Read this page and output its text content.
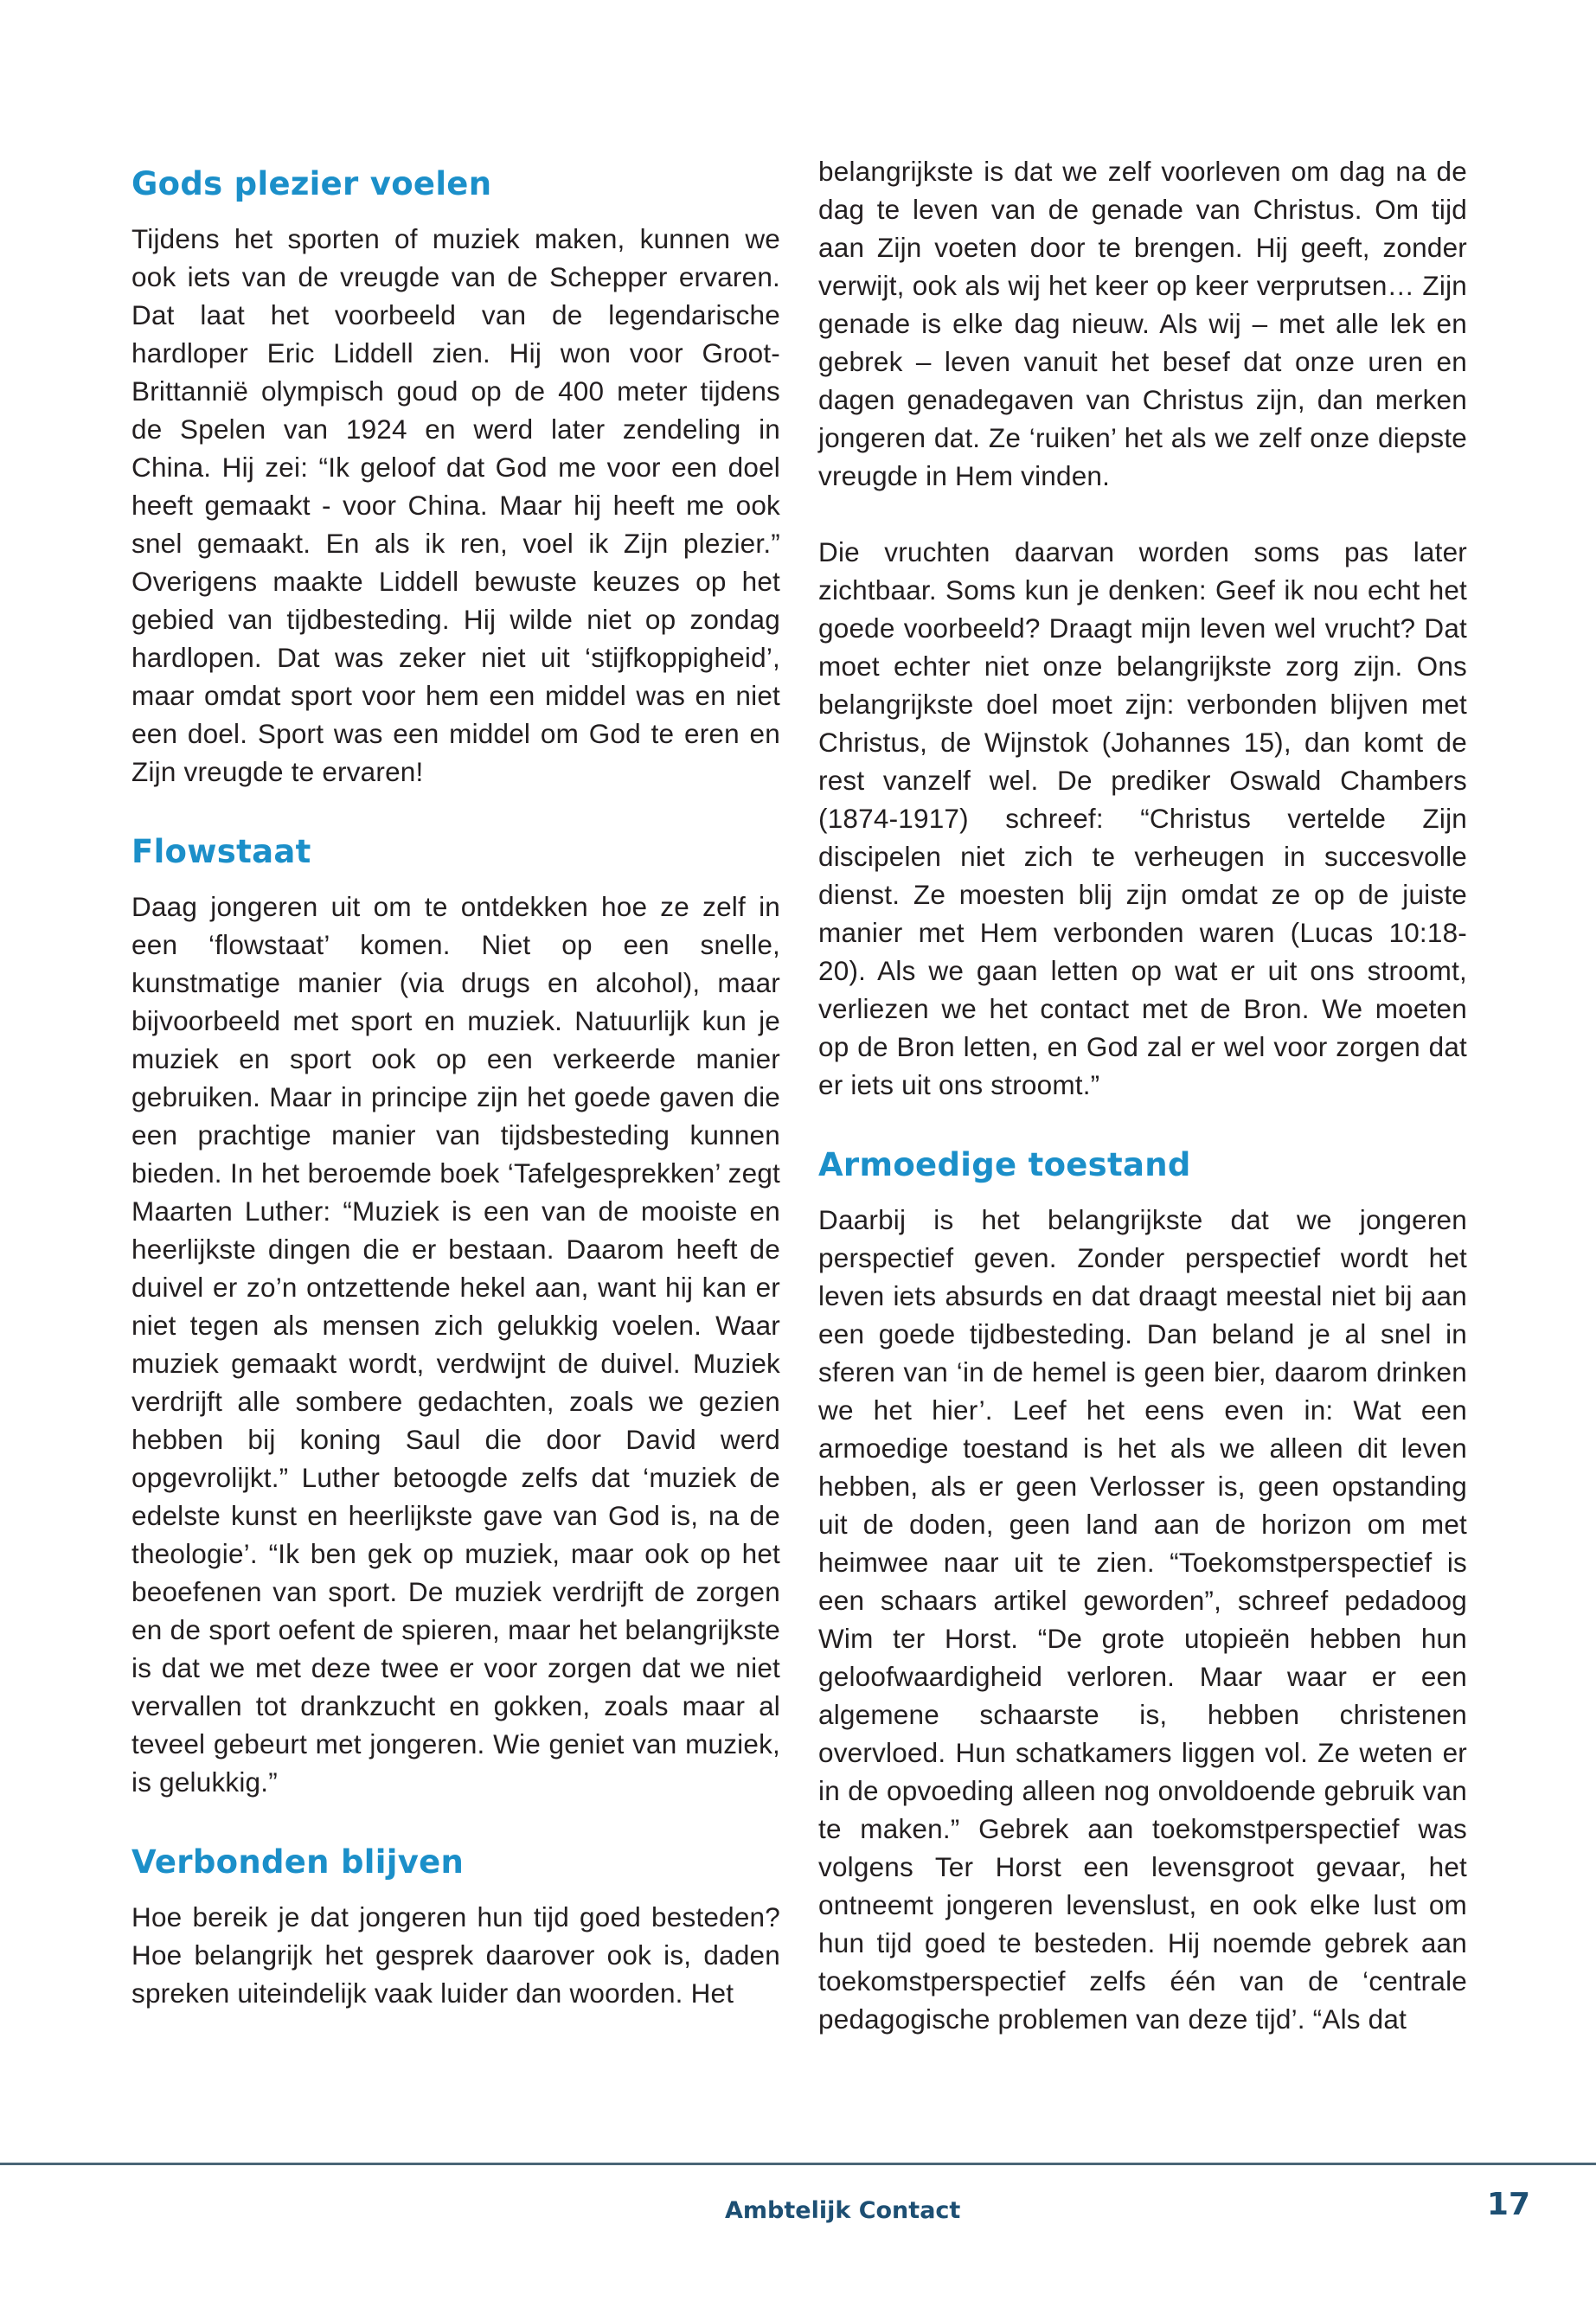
Gods plezier voelen

Tijdens het sporten of muziek maken, kunnen we ook iets van de vreugde van de Schepper ervaren. Dat laat het voorbeeld van de legendarische hardloper Eric Liddell zien. Hij won voor Groot-Brittannië olympisch goud op de 400 meter tijdens de Spelen van 1924 en werd later zendeling in China. Hij zei: “Ik geloof dat God me voor een doel heeft gemaakt - voor China. Maar hij heeft me ook snel gemaakt. En als ik ren, voel ik Zijn plezier.” Overigens maakte Liddell bewuste keuzes op het gebied van tijdbesteding. Hij wilde niet op zondag hardlopen. Dat was zeker niet uit ‘stijfkoppigheid’, maar omdat sport voor hem een middel was en niet een doel. Sport was een middel om God te eren en Zijn vreugde te ervaren!

Flowstaat

Daag jongeren uit om te ontdekken hoe ze zelf in een ‘flowstaat’ komen. Niet op een snelle, kunstmatige manier (via drugs en alcohol), maar bijvoorbeeld met sport en muziek. Natuurlijk kun je muziek en sport ook op een verkeerde manier gebruiken. Maar in principe zijn het goede gaven die een prachtige manier van tijdsbesteding kunnen bieden. In het beroemde boek ‘Tafelgesprekken’ zegt Maarten Luther: “Muziek is een van de mooiste en heerlijkste dingen die er bestaan. Daarom heeft de duivel er zo’n ontzettende hekel aan, want hij kan er niet tegen als mensen zich gelukkig voelen. Waar muziek gemaakt wordt, verdwijnt de duivel. Muziek verdrijft alle sombere gedachten, zoals we gezien hebben bij koning Saul die door David werd opgevrolijkt.” Luther betoogde zelfs dat ‘muziek de edelste kunst en heerlijkste gave van God is, na de theologie’. “Ik ben gek op muziek, maar ook op het beoefenen van sport. De muziek verdrijft de zorgen en de sport oefent de spieren, maar het belangrijkste is dat we met deze twee er voor zorgen dat we niet vervallen tot drankzucht en gokken, zoals maar al teveel gebeurt met jongeren. Wie geniet van muziek, is gelukkig.”

Verbonden blijven

Hoe bereik je dat jongeren hun tijd goed besteden? Hoe belangrijk het gesprek daarover ook is, daden spreken uiteindelijk vaak luider dan woorden. Het

belangrijkste is dat we zelf voorleven om dag na de dag te leven van de genade van Christus. Om tijd aan Zijn voeten door te brengen. Hij geeft, zonder verwijt, ook als wij het keer op keer verprutsen… Zijn genade is elke dag nieuw. Als wij – met alle lek en gebrek – leven vanuit het besef dat onze uren en dagen genadegaven van Christus zijn, dan merken jongeren dat. Ze ‘ruiken’ het als we zelf onze diepste vreugde in Hem vinden.

Die vruchten daarvan worden soms pas later zichtbaar. Soms kun je denken: Geef ik nou echt het goede voorbeeld? Draagt mijn leven wel vrucht? Dat moet echter niet onze belangrijkste zorg zijn. Ons belangrijkste doel moet zijn: verbonden blijven met Christus, de Wijnstok (Johannes 15), dan komt de rest vanzelf wel. De prediker Oswald Chambers (1874-1917) schreef: “Christus vertelde Zijn discipelen niet zich te verheugen in succesvolle dienst. Ze moesten blij zijn omdat ze op de juiste manier met Hem verbonden waren (Lucas 10:18-20). Als we gaan letten op wat er uit ons stroomt, verliezen we het contact met de Bron. We moeten op de Bron letten, en God zal er wel voor zorgen dat er iets uit ons stroomt.”

Armoedige toestand

Daarbij is het belangrijkste dat we jongeren perspectief geven. Zonder perspectief wordt het leven iets absurds en dat draagt meestal niet bij aan een goede tijdbesteding. Dan beland je al snel in sferen van ‘in de hemel is geen bier, daarom drinken we het hier’. Leef het eens even in: Wat een armoedige toestand is het als we alleen dit leven hebben, als er geen Verlosser is, geen opstanding uit de doden, geen land aan de horizon om met heimwee naar uit te zien. “Toekomstperspectief is een schaars artikel geworden”, schreef pedadoog Wim ter Horst. “De grote utopieën hebben hun geloofwaardigheid verloren. Maar waar er een algemene schaarste is, hebben christenen overvloed. Hun schatkamers liggen vol. Ze weten er in de opvoeding alleen nog onvoldoende gebruik van te maken.” Gebrek aan toekomstperspectief was volgens Ter Horst een levensgroot gevaar, het ontneemt jongeren levenslust, en ook elke lust om hun tijd goed te besteden. Hij noemde gebrek aan toekomstperspectief zelfs één van de ‘centrale pedagogische problemen van deze tijd’. “Als dat

Ambtelijk Contact	17
